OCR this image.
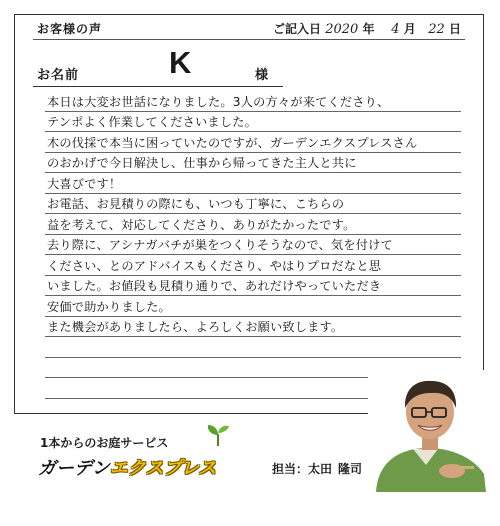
お客様の声	ご記入日 2020 年 4 月 22 日
お名前	K	様
本日は大変お世話になりました。3人の方々が来てくださり、
テンポよく作業してくださいました。
木の伐採で本当に困っていたのですが、ガーデンエクスプレスさん
のおかげで今日解決し、仕事から帰ってきた主人と共に
大喜びです！
お電話、お見積りの際にも、いつも丁寧に、こちらの
益を考えて、対応してくださり、ありがたかったです。
去り際に、アシナガバチが巣をつくりそうなので、気を付けて
ください、とのアドバイスもくださり、やはりプロだなと思
いました。お値段も見積り通りで、あれだけやっていただき
安価で助かりました。
また機会がありましたら、よろしくお願い致します。
1本からのお庭サービス
ガーデンエクスプレス	担当：太田 隆司
